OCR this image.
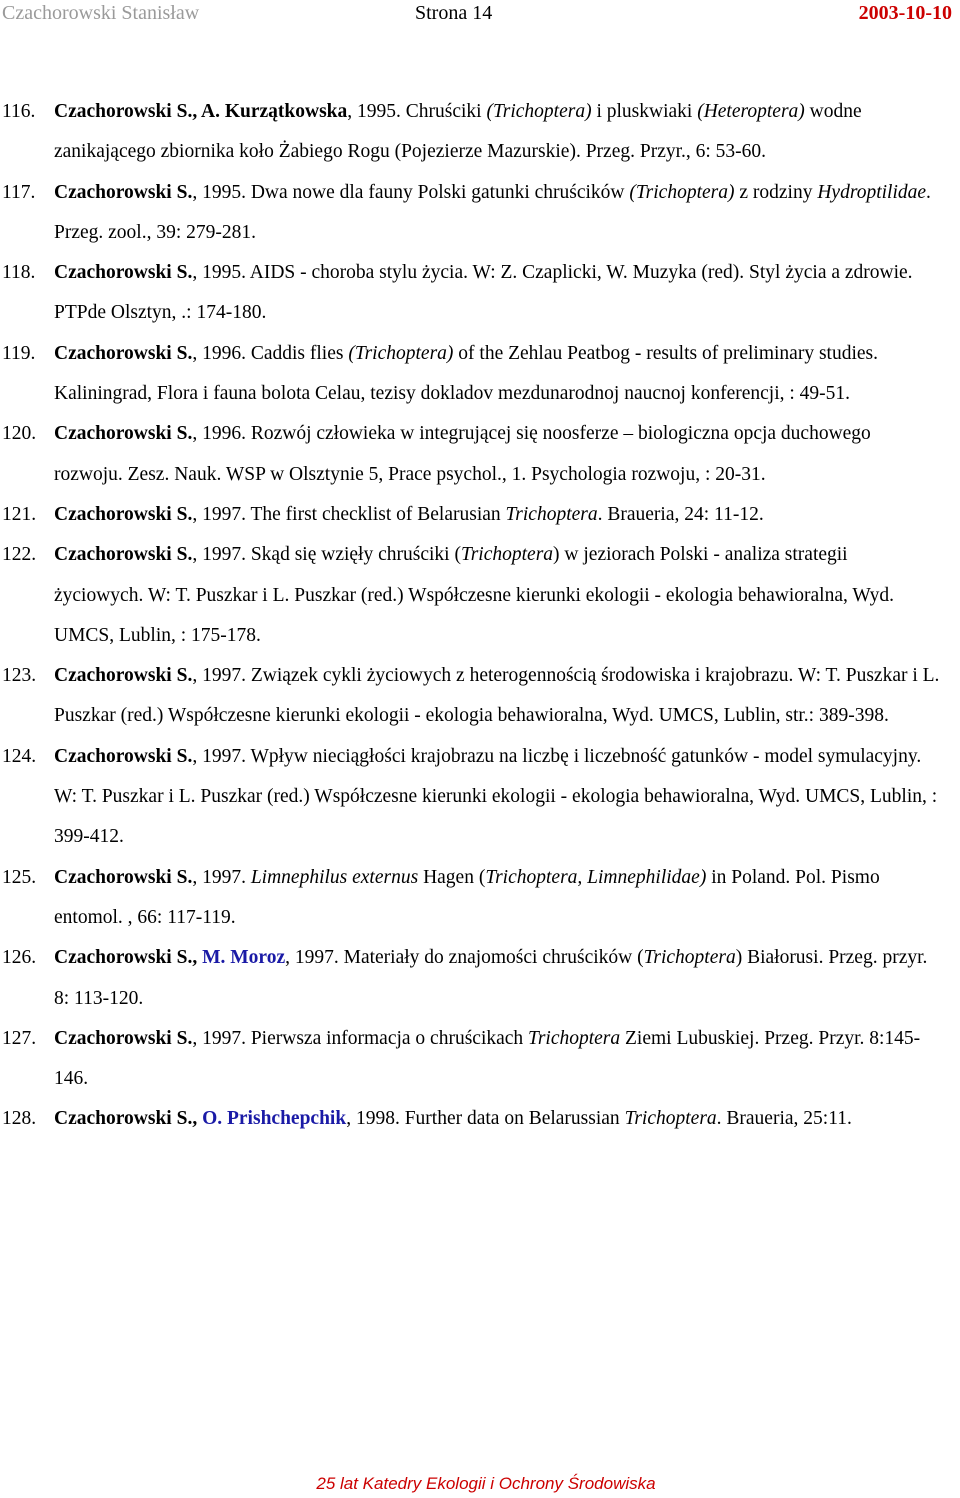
Czachorowski Stanisław	Strona 14	2003-10-10
116. Czachorowski S., A. Kurzątkowska, 1995. Chruściki (Trichoptera) i pluskwiaki (Heteroptera) wodne zanikającego zbiornika koło Żabiego Rogu (Pojezierze Mazurskie). Przeg. Przyr., 6: 53-60.
117. Czachorowski S., 1995. Dwa nowe dla fauny Polski gatunki chruścików (Trichoptera) z rodziny Hydroptilidae. Przeg. zool., 39: 279-281.
118. Czachorowski S., 1995. AIDS - choroba stylu życia. W: Z. Czaplicki, W. Muzyka (red). Styl życia a zdrowie. PTPde Olsztyn, .: 174-180.
119. Czachorowski S., 1996. Caddis flies (Trichoptera) of the Zehlau Peatbog - results of preliminary studies. Kaliningrad, Flora i fauna bolota Celau, tezisy dokladov mezdunarodnoj naucnoj konferencji, : 49-51.
120. Czachorowski S., 1996. Rozwój człowieka w integrującej się noosferze – biologiczna opcja duchowego rozwoju. Zesz. Nauk. WSP w Olsztynie 5, Prace psychol., 1. Psychologia rozwoju, : 20-31.
121. Czachorowski S., 1997. The first checklist of Belarusian Trichoptera. Braueria, 24: 11-12.
122. Czachorowski S., 1997. Skąd się wzięły chruściki (Trichoptera) w jeziorach Polski - analiza strategii życiowych. W: T. Puszkar i L. Puszkar (red.) Współczesne kierunki ekologii - ekologia behawioralna, Wyd. UMCS, Lublin, : 175-178.
123. Czachorowski S., 1997. Związek cykli życiowych z heterogennością środowiska i krajobrazu. W: T. Puszkar i L. Puszkar (red.) Współczesne kierunki ekologii - ekologia behawioralna, Wyd. UMCS, Lublin, str.: 389-398.
124. Czachorowski S., 1997. Wpływ nieciągłości krajobrazu na liczbę i liczebność gatunków - model symulacyjny. W: T. Puszkar i L. Puszkar (red.) Współczesne kierunki ekologii - ekologia behawioralna, Wyd. UMCS, Lublin, : 399-412.
125. Czachorowski S., 1997. Limnephilus externus Hagen (Trichoptera, Limnephilidae) in Poland. Pol. Pismo entomol. , 66: 117-119.
126. Czachorowski S., M. Moroz, 1997. Materiały do znajomości chruścików (Trichoptera) Białorusi. Przeg. przyr. 8: 113-120.
127. Czachorowski S., 1997. Pierwsza informacja o chruścikach Trichoptera Ziemi Lubuskiej. Przeg. Przyr. 8:145-146.
128. Czachorowski S., O. Prishchepchik, 1998. Further data on Belarussian Trichoptera. Braueria, 25:11.
25 lat Katedry Ekologii i Ochrony Środowiska
